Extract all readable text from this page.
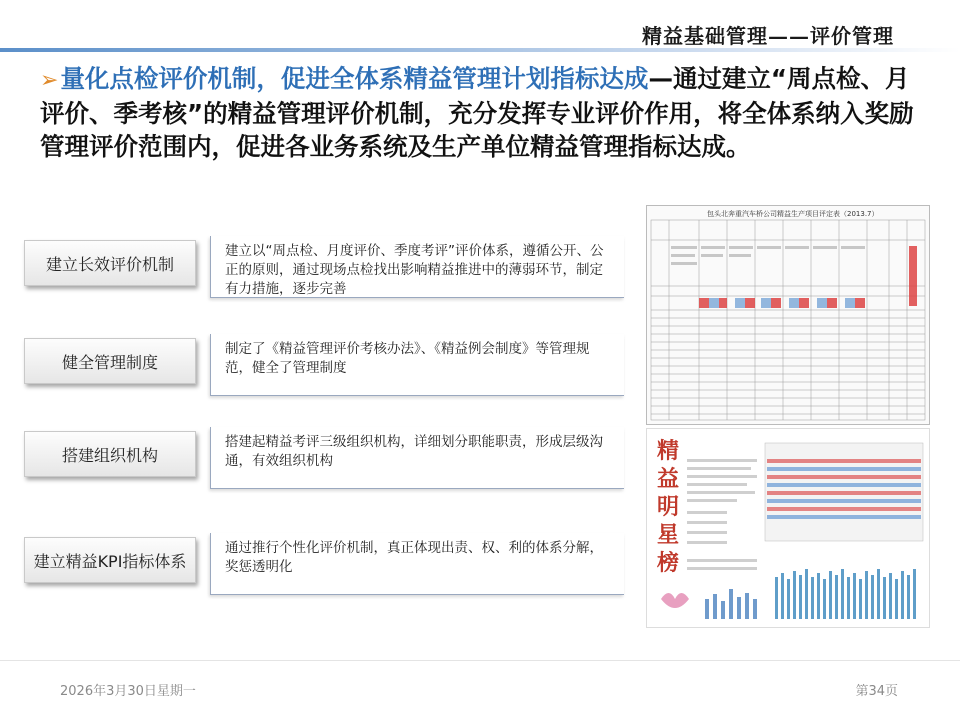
精益基础管理——评价管理
➢量化点检评价机制，促进全体系精益管理计划指标达成—通过建立“周点检、月评价、季考核”的精益管理评价机制，充分发挥专业评价作用，将全体系纳入奖励管理评价范围内，促进各业务系统及生产单位精益管理指标达成。
建立长效评价机制
建立以“周点检、月度评价、季度考评”评价体系，遵循公开、公正的原则，通过现场点检找出影响精益推进中的薄弱环节，制定有力措施，逐步完善
健全管理制度
制定了《精益管理评价考核办法》、《精益例会制度》等管理规范，健全了管理制度
搭建组织机构
搭建起精益考评三级组织机构，详细划分职能职责，形成层级沟通，有效组织机构
建立精益KPI指标体系
通过推行个性化评价机制，真正体现出责、权、利的体系分解，奖惩透明化
包头北奔重汽车桥公司精益生产项目评定表（2013.7）
精
益
明
星
榜
2026年3月30日星期一	第34页
